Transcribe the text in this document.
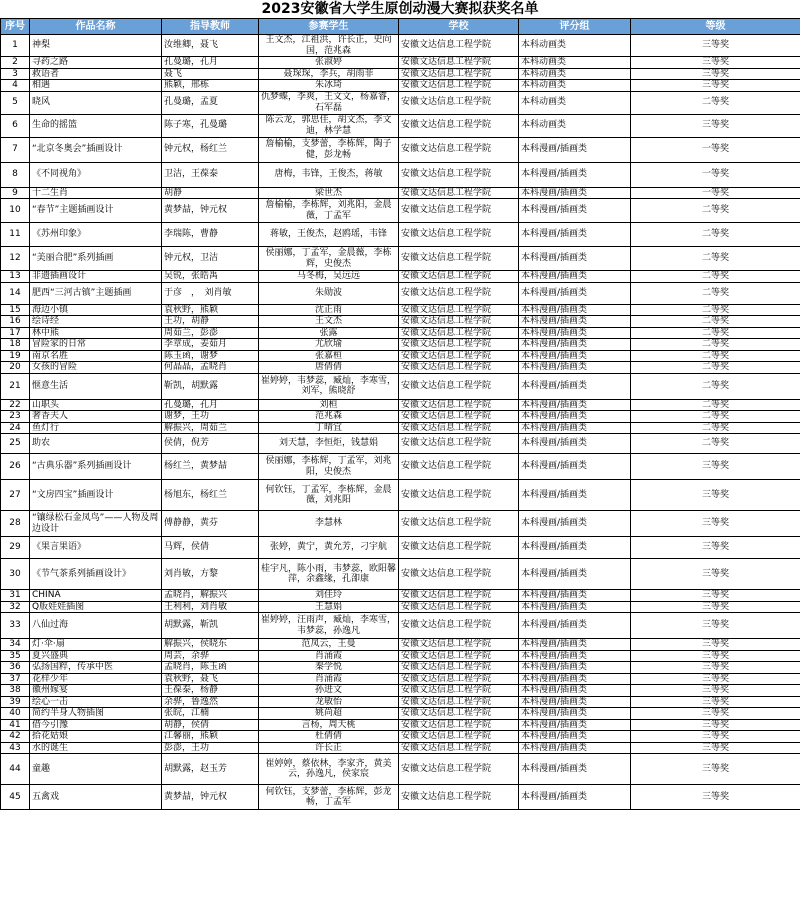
2023安徽省大学生原创动漫大赛拟获奖名单
序号	作品名称	指导教师	参赛学生	学校	评分组	等级
1	神梨	汝维卿，聂飞	王文杰，江祖洪，许长正，史向国，范兆森	安徽文达信息工程学院	本科动画类	三等奖
2	寻药之路	孔曼璐，孔月	张淑婷	安徽文达信息工程学院	本科动画类	三等奖
3	救语者	聂飞	聂琛琛，李兵，胡雨菲	安徽文达信息工程学院	本科动画类	三等奖
4	相遇	熊颖，邢栋	朱冰琦	安徽文达信息工程学院	本科动画类	三等奖
5	晓风	孔曼璐，孟夏	仇梦蝶，李爽，王文文，杨嘉睿，石军磊	安徽文达信息工程学院	本科动画类	二等奖
6	生命的摇篮	陈子寒，孔曼璐	陈云龙，郭思佳，胡文杰，李文迪，林学慧	安徽文达信息工程学院	本科动画类	三等奖
7	“北京冬奥会”插画设计	钟元权，杨红兰	詹榆榆，支梦蕾，李栋辉，陶子健，彭龙畅	安徽文达信息工程学院	本科漫画/插画类	一等奖
8	《不同视角》	卫洁，王葆泰	唐梅，韦锋，王俊杰，蒋敏	安徽文达信息工程学院	本科漫画/插画类	一等奖
9	十二生肖	胡静	梁世杰	安徽文达信息工程学院	本科漫画/插画类	一等奖
10	“春节”主题插画设计	黄梦喆，钟元权	詹榆榆，李栋辉，刘兆阳，金晨薇，丁孟军	安徽文达信息工程学院	本科漫画/插画类	二等奖
11	《苏州印象》	李瑞陈，曹静	蒋敏，王俊杰，赵鸥瑶，韦锋	安徽文达信息工程学院	本科漫画/插画类	二等奖
12	“美丽合肥”系列插画	钟元权，卫洁	侯丽娜，丁孟军，金晨薇，李栋辉，史俊杰	安徽文达信息工程学院	本科漫画/插画类	二等奖
13	非遗插画设计	吴锐，张皓禹	马冬梅，吴远远	安徽文达信息工程学院	本科漫画/插画类	二等奖
14	肥西“三河古镇”主题插画	于彦　，　刘肖敏	朱勋波	安徽文达信息工程学院	本科漫画/插画类	二等奖
15	海边小镇	袁秋野，熊颖	沈正雨	安徽文达信息工程学院	本科漫画/插画类	二等奖
16	绘诗经	王功，胡静	王文杰	安徽文达信息工程学院	本科漫画/插画类	二等奖
17	林中熊	周茹兰，彭澎	张露	安徽文达信息工程学院	本科漫画/插画类	二等奖
18	冒险家的日常	李章成，姜茹月	尤欣瑜	安徽文达信息工程学院	本科漫画/插画类	二等奖
19	南京名胜	陈玉函，谢梦	张嘉桓	安徽文达信息工程学院	本科漫画/插画类	二等奖
20	女孩的冒险	何晶晶，孟晓肖	唐倩倩	安徽文达信息工程学院	本科漫画/插画类	二等奖
21	惬意生活	靳凯，胡默露	崔婷婷，韦梦蕊，臧灿，李寒雪，刘军，熊晓舒	安徽文达信息工程学院	本科漫画/插画类	二等奖
22	山职头	孔曼璐，孔月	刘桓	安徽文达信息工程学院	本科漫画/插画类	二等奖
23	奢香夫人	谢梦，王功	范兆森	安徽文达信息工程学院	本科漫画/插画类	二等奖
24	鱼灯行	解振兴，周茹兰	丁晴宜	安徽文达信息工程学院	本科漫画/插画类	二等奖
25	助农	侯倩，倪芳	刘天慧，李恒炬，钱慧娟	安徽文达信息工程学院	本科漫画/插画类	二等奖
26	“古典乐器”系列插画设计	杨红兰，黄梦喆	侯丽娜，李栋辉，丁孟军，刘兆阳，史俊杰	安徽文达信息工程学院	本科漫画/插画类	三等奖
27	“文房四宝”插画设计	杨旭东，杨红兰	何钦钰，丁孟军，李栋辉，金晨薇，刘兆阳	安徽文达信息工程学院	本科漫画/插画类	三等奖
28	“镶绿松石金凤鸟”——人物及周边设计	傅静静，黄芬	李慧林	安徽文达信息工程学院	本科漫画/插画类	三等奖
29	《果言果语》	马辉，侯倩	张婷，黄宁，黄允芳，刁宇航	安徽文达信息工程学院	本科漫画/插画类	三等奖
30	《节气茶系列插画设计》	刘肖敏，方黎	桂宇凡，陈小雨，韦梦蕊，欧阳馨萍，余鑫缘，孔卲康	安徽文达信息工程学院	本科漫画/插画类	三等奖
31	CHINA	孟晓肖，解振兴	刘佳玲	安徽文达信息工程学院	本科漫画/插画类	三等奖
32	Q版娃娃插图	王利利，刘肖敏	王慧娟	安徽文达信息工程学院	本科漫画/插画类	三等奖
33	八仙过海	胡默露，靳凯	崔婷婷，汪雨声，臧灿，李寒雪，韦梦蕊，孙逸凡	安徽文达信息工程学院	本科漫画/插画类	三等奖
34	灯·伞·扇	解振兴，侯晓东	范凤云，王曼	安徽文达信息工程学院	本科漫画/插画类	三等奖
35	夏兴盛典	周芸，余骅	肖涌霞	安徽文达信息工程学院	本科漫画/插画类	三等奖
36	弘扬国粹，传承中医	孟晓肖，陈玉函	秦学悦	安徽文达信息工程学院	本科漫画/插画类	三等奖
37	花样少年	袁秋野，聂飞	肖涌霞	安徽文达信息工程学院	本科漫画/插画类	三等奖
38	徽州嫁宴	王葆泰，杨静	孙进文	安徽文达信息工程学院	本科漫画/插画类	三等奖
39	绘心一击	余骅，鲁逸然	龙敏怡	安徽文达信息工程学院	本科漫画/插画类	三等奖
40	简约半身人物插图	张皖，江楠	姚尚超	安徽文达信息工程学院	本科漫画/插画类	三等奖
41	借今引豫	胡静，侯倩	言杨，周天桃	安徽文达信息工程学院	本科漫画/插画类	三等奖
42	拾花姑娘	江馨丽，熊颖	杜倩倩	安徽文达信息工程学院	本科漫画/插画类	三等奖
43	水的诞生	彭澎，王功	许长正	安徽文达信息工程学院	本科漫画/插画类	三等奖
44	童趣	胡默露，赵玉芳	崔婷婷，蔡依林，李家齐，黄美云，孙逸凡，侯家宸	安徽文达信息工程学院	本科漫画/插画类	三等奖
45	五禽戏	黄梦喆，钟元权	何钦钰，支梦蕾，李栋辉，彭龙畅，丁孟军	安徽文达信息工程学院	本科漫画/插画类	三等奖
